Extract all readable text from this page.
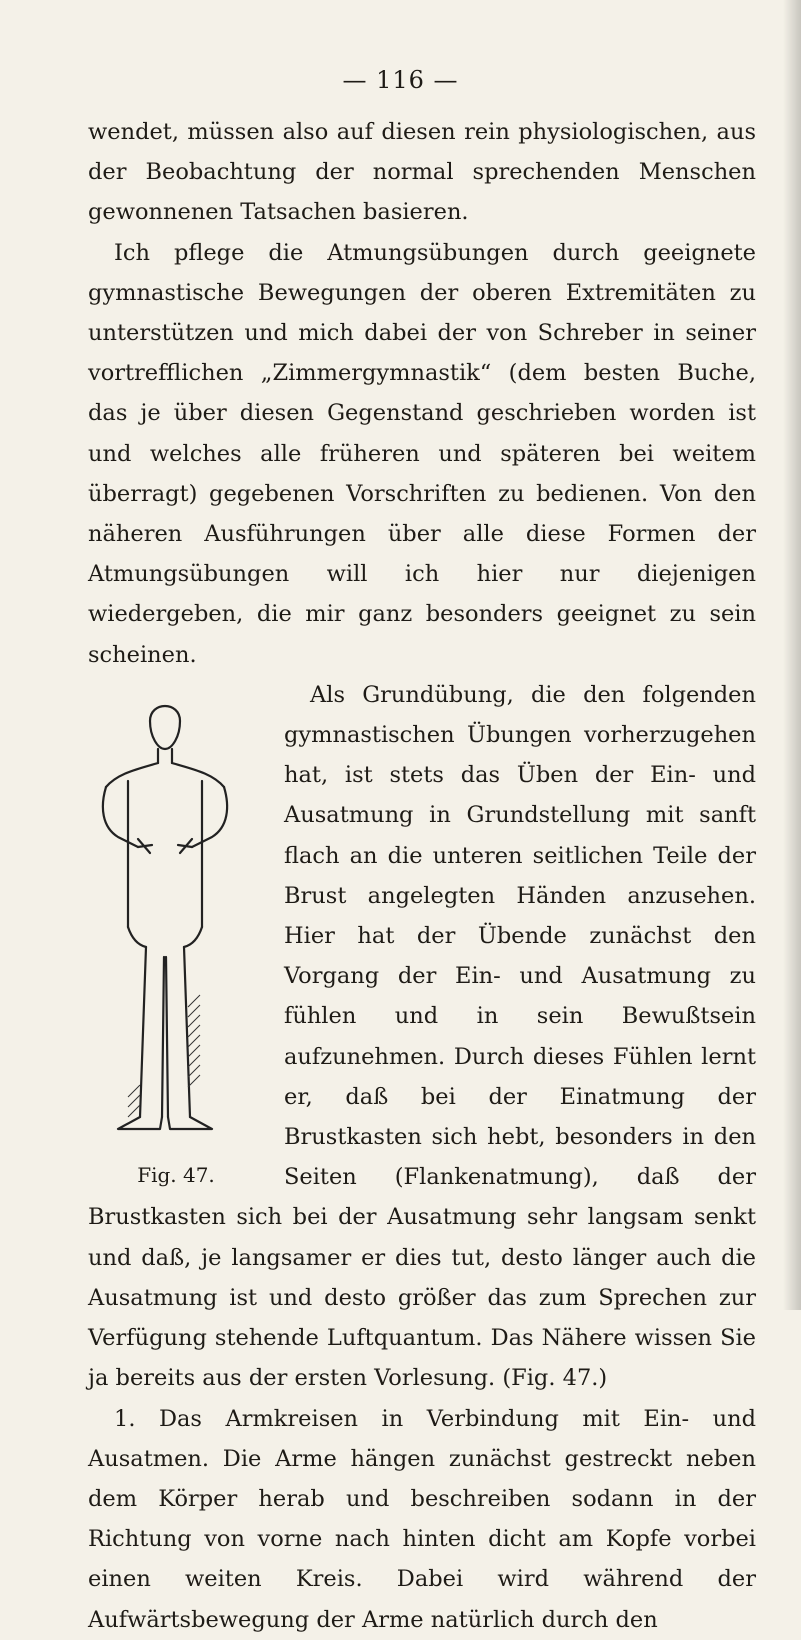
— 116 —

wendet, müssen also auf diesen rein physiologischen, aus der Beobachtung der normal sprechenden Menschen gewonnenen Tatsachen basieren.

Ich pflege die Atmungsübungen durch geeignete gymnastische Bewegungen der oberen Extremitäten zu unterstützen und mich dabei der von Schreber in seiner vortrefflichen „Zimmergymnastik“ (dem besten Buche, das je über diesen Gegenstand geschrieben worden ist und welches alle früheren und späteren bei weitem überragt) gegebenen Vorschriften zu bedienen. Von den näheren Ausführungen über alle diese Formen der Atmungsübungen will ich hier nur diejenigen wiedergeben, die mir ganz besonders geeignet zu sein scheinen.

Fig. 47.
Als Grundübung, die den folgenden gymnastischen Übungen vorherzugehen hat, ist stets das Üben der Ein- und Ausatmung in Grundstellung mit sanft flach an die unteren seitlichen Teile der Brust angelegten Händen anzusehen. Hier hat der Übende zunächst den Vorgang der Ein- und Ausatmung zu fühlen und in sein Bewußtsein aufzunehmen. Durch dieses Fühlen lernt er, daß bei der Einatmung der Brustkasten sich hebt, besonders in den Seiten (Flankenatmung), daß der Brustkasten sich bei der Ausatmung sehr langsam senkt und daß, je langsamer er dies tut, desto länger auch die Ausatmung ist und desto größer das zum Sprechen zur Verfügung stehende Luftquantum. Das Nähere wissen Sie ja bereits aus der ersten Vorlesung. (Fig. 47.)

1. Das Armkreisen in Verbindung mit Ein- und Ausatmen. Die Arme hängen zunächst gestreckt neben dem Körper herab und beschreiben sodann in der Richtung von vorne nach hinten dicht am Kopfe vorbei einen weiten Kreis. Dabei wird während der Aufwärtsbewegung der Arme natürlich durch den
